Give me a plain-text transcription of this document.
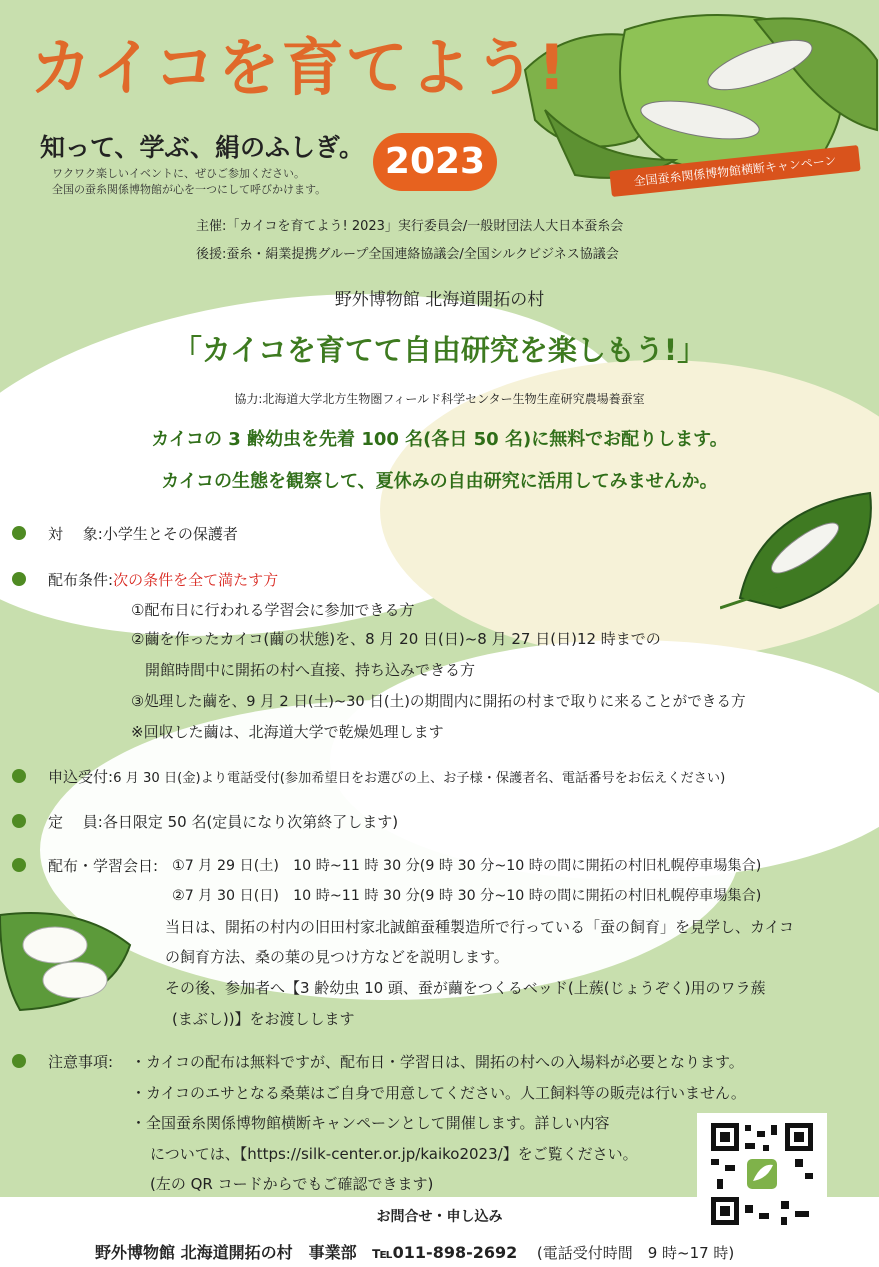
カイコを育てよう!
知って、学ぶ、絹のふしぎ。
ワクワク楽しいイベントに、ぜひご参加ください。
全国の蚕糸関係博物館が心を一つにして呼びかけます。
2023	全国蚕糸関係博物館横断キャンペーン
主催:「カイコを育てよう! 2023」実行委員会/一般財団法人大日本蚕糸会
後援:蚕糸・絹業提携グループ全国連絡協議会/全国シルクビジネス協議会
野外博物館 北海道開拓の村
「カイコを育てて自由研究を楽しもう!」
協力:北海道大学北方生物圏フィールド科学センター生物生産研究農場養蚕室
カイコの 3 齢幼虫を先着 100 名(各日 50 名)に無料でお配りします。
カイコの生態を観察して、夏休みの自由研究に活用してみませんか。
対　 象:小学生とその保護者
配布条件:次の条件を全て満たす方
①配布日に行われる学習会に参加できる方
②繭を作ったカイコ(繭の状態)を、8 月 20 日(日)~8 月 27 日(日)12 時までの
開館時間中に開拓の村へ直接、持ち込みできる方
③処理した繭を、9 月 2 日(土)~30 日(土)の期間内に開拓の村まで取りに来ることができる方
※回収した繭は、北海道大学で乾燥処理します
申込受付:6 月 30 日(金)より電話受付(参加希望日をお選びの上、お子様・保護者名、電話番号をお伝えください)
定　 員:各日限定 50 名(定員になり次第終了します)
配布・学習会日: ①7 月 29 日(土)　10 時~11 時 30 分(9 時 30 分~10 時の間に開拓の村旧札幌停車場集合)
②7 月 30 日(日)　10 時~11 時 30 分(9 時 30 分~10 時の間に開拓の村旧札幌停車場集合)
当日は、開拓の村内の旧田村家北誠館蚕種製造所で行っている「蚕の飼育」を見学し、カイコ
の飼育方法、桑の葉の見つけ方などを説明します。
その後、参加者へ【3 齢幼虫 10 頭、蚕が繭をつくるベッド(上蔟(じょうぞく)用のワラ蔟
(まぶし))】をお渡しします
注意事項: ・カイコの配布は無料ですが、配布日・学習日は、開拓の村への入場料が必要となります。
・カイコのエサとなる桑葉はご自身で用意してください。人工飼料等の販売は行いません。
・全国蚕糸関係博物館横断キャンペーンとして開催します。詳しい内容
については、【https://silk-center.or.jp/kaiko2023/】をご覧ください。
(左の QR コードからでもご確認できます)
お問合せ・申し込み
野外博物館 北海道開拓の村　事業部 ℡011-898-2692 (電話受付時間　9 時~17 時)
